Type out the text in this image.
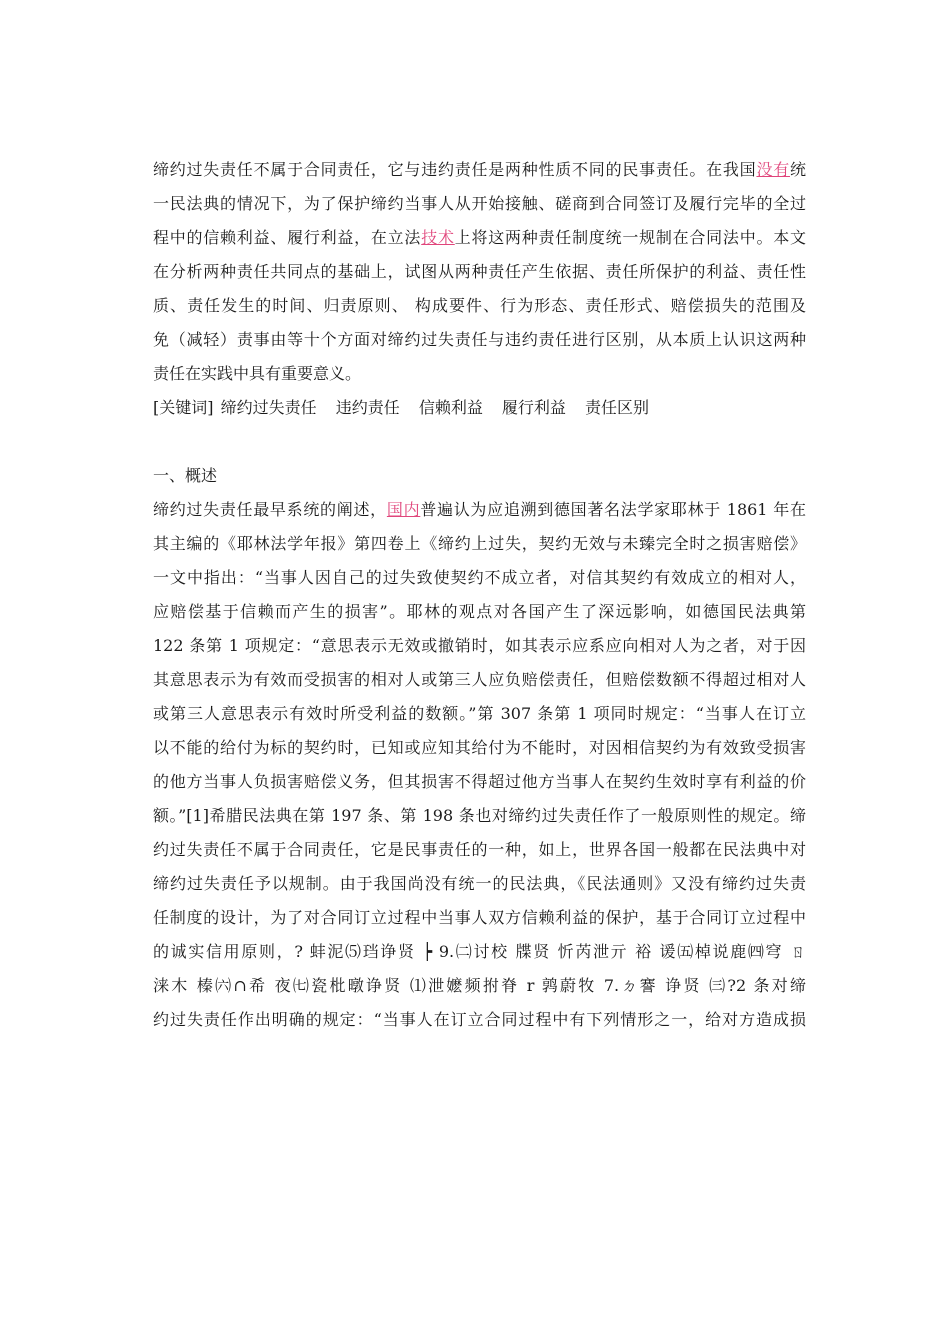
缔约过失责任不属于合同责任，它与违约责任是两种性质不同的民事责任。在我国没有统
一民法典的情况下，为了保护缔约当事人从开始接触、磋商到合同签订及履行完毕的全过
程中的信赖利益、履行利益，在立法技术上将这两种责任制度统一规制在合同法中。本文
在分析两种责任共同点的基础上，试图从两种责任产生依据、责任所保护的利益、责任性
质、责任发生的时间、归责原则、 构成要件、行为形态、责任形式、赔偿损失的范围及
免（减轻）责事由等十个方面对缔约过失责任与违约责任进行区别，从本质上认识这两种
责任在实践中具有重要意义。
[关键词] 缔约过失责任 违约责任 信赖利益 履行利益 责任区别

一、概述

缔约过失责任最早系统的阐述，国内普遍认为应追溯到德国著名法学家耶林于 1861 年在
其主编的《耶林法学年报》第四卷上《缔约上过失，契约无效与未臻完全时之损害赔偿》
一文中指出：“当事人因自己的过失致使契约不成立者，对信其契约有效成立的相对人，
应赔偿基于信赖而产生的损害”。耶林的观点对各国产生了深远影响，如德国民法典第
122 条第 1 项规定：“意思表示无效或撤销时，如其表示应系应向相对人为之者，对于因
其意思表示为有效而受损害的相对人或第三人应负赔偿责任，但赔偿数额不得超过相对人
或第三人意思表示有效时所受利益的数额。”第 307 条第 1 项同时规定：“当事人在订立
以不能的给付为标的契约时，已知或应知其给付为不能时，对因相信契约为有效致受损害
的他方当事人负损害赔偿义务，但其损害不得超过他方当事人在契约生效时享有利益的价
额。”[1]希腊民法典在第 197 条、第 198 条也对缔约过失责任作了一般原则性的规定。缔
约过失责任不属于合同责任，它是民事责任的一种，如上，世界各国一般都在民法典中对
缔约过失责任予以规制。由于我国尚没有统一的民法典，《民法通则》又没有缔约过失责
任制度的设计，为了对合同订立过程中当事人双方信赖利益的保护，基于合同订立过程中
的诚实信用原则，? 蚌泥⑸珰诤贤 ┝ 9.㈡讨校 牒贤 忻芮泄亓 裕 谖㈤棹说鹿㈣穹 ㄖ
涞木 榛㈥∩希 夜㈦瓷枇暾诤贤 ⑴泄嬷频拊脊 r 鹑蔚牧 7.ㄉ謇 诤贤 ㈢?2 条对缔
约过失责任作出明确的规定：“当事人在订立合同过程中有下列情形之一，给对方造成损
